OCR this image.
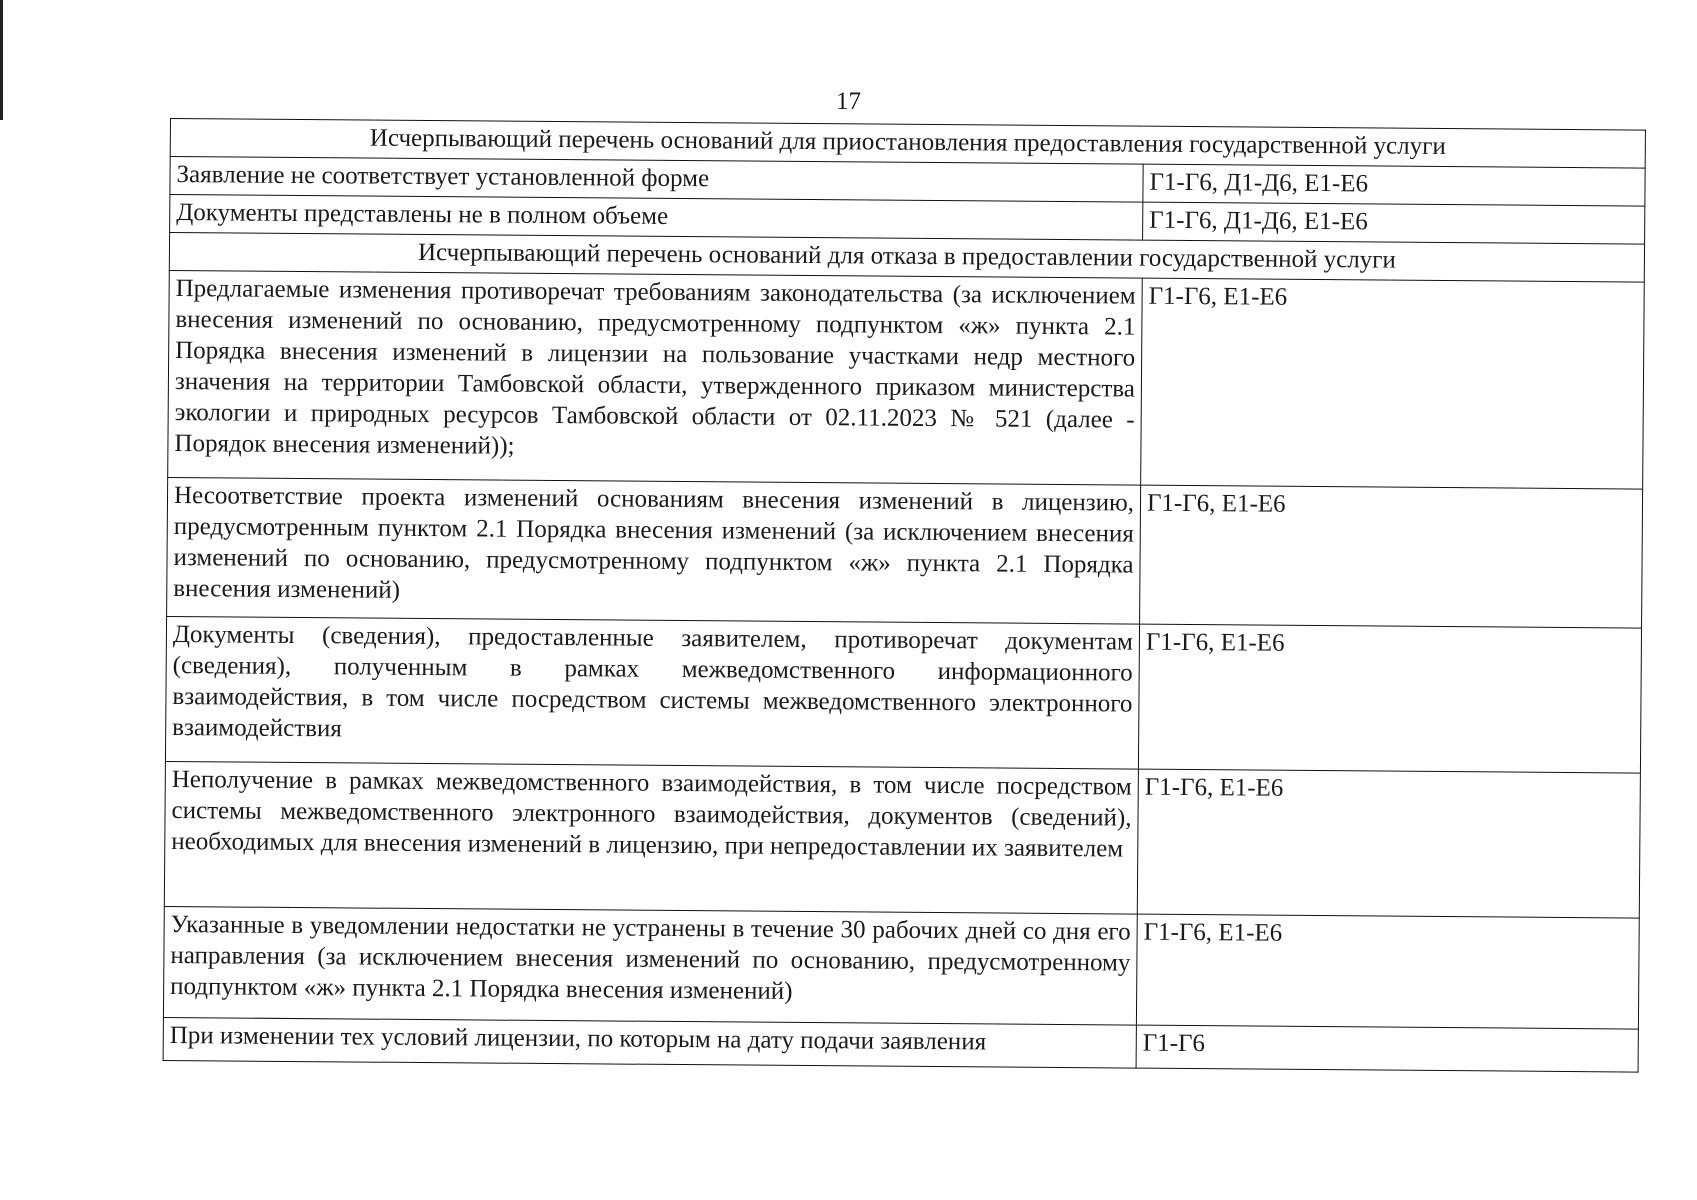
17
Исчерпывающий перечень оснований для приостановления предоставления государственной услуги	
Заявление не соответствует установленной форме	Г1-Г6, Д1-Д6, Е1-Е6
Документы представлены не в полном объеме	Г1-Г6, Д1-Д6, Е1-Е6
Исчерпывающий перечень оснований для отказа в предоставлении государственной услуги	
Предлагаемые изменения противоречат требованиям законодательства (за исключением внесения изменений по основанию, предусмотренному подпунктом «ж» пункта 2.1 Порядка внесения изменений в лицензии на пользование участками недр местного значения на территории Тамбовской области, утвержденного приказом министерства экологии и природных ресурсов Тамбовской области от 02.11.2023 № 521 (далее - Порядок внесения изменений));	Г1-Г6, Е1-Е6
Несоответствие проекта изменений основаниям внесения изменений в лицензию, предусмотренным пунктом 2.1 Порядка внесения изменений (за исключением внесения изменений по основанию, предусмотренному подпунктом «ж» пункта 2.1 Порядка внесения изменений)	Г1-Г6, Е1-Е6
Документы (сведения), предоставленные заявителем, противоречат документам (сведения), полученным в рамках межведомственного информационного взаимодействия, в том числе посредством системы межведомственного электронного взаимодействия	Г1-Г6, Е1-Е6
Неполучение в рамках межведомственного взаимодействия, в том числе посредством системы межведомственного электронного взаимодействия, документов (сведений), необходимых для внесения изменений в лицензию, при непредоставлении их заявителем	Г1-Г6, Е1-Е6
Указанные в уведомлении недостатки не устранены в течение 30 рабочих дней со дня его направления (за исключением внесения изменений по основанию, предусмотренному подпунктом «ж» пункта 2.1 Порядка внесения изменений)	Г1-Г6, Е1-Е6
При изменении тех условий лицензии, по которым на дату подачи заявления	Г1-Г6
